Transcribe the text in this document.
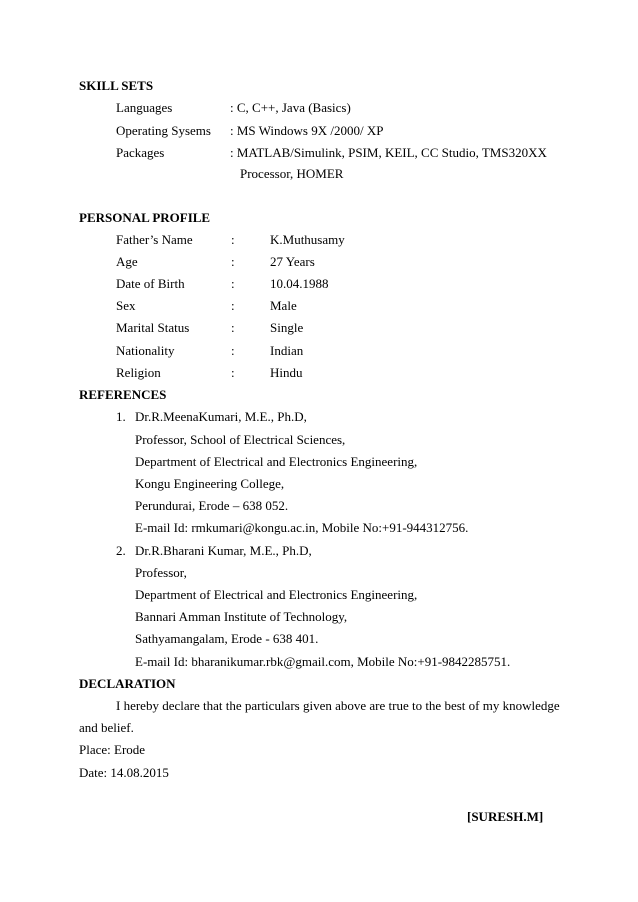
SKILL SETS
Languages	: C, C++, Java (Basics)
Operating Sysems : MS Windows 9X /2000/ XP
Packages	: MATLAB/Simulink, PSIM, KEIL, CC Studio, TMS320XX
Processor, HOMER
PERSONAL PROFILE
Father’s Name	:	K.Muthusamy
Age	:	27 Years
Date of Birth	:	10.04.1988
Sex	:	Male
Marital Status	:	Single
Nationality	:	Indian
Religion	:	Hindu
REFERENCES
1. Dr.R.MeenaKumari, M.E., Ph.D,
Professor, School of Electrical Sciences,
Department of Electrical and Electronics Engineering,
Kongu Engineering College,
Perundurai, Erode – 638 052.
E-mail Id: rmkumari@kongu.ac.in, Mobile No:+91-944312756.
2. Dr.R.Bharani Kumar, M.E., Ph.D,
Professor,
Department of Electrical and Electronics Engineering,
Bannari Amman Institute of Technology,
Sathyamangalam, Erode - 638 401.
E-mail Id: bharanikumar.rbk@gmail.com, Mobile No:+91-9842285751.
DECLARATION
I hereby declare that the particulars given above are true to the best of my knowledge
and belief.
Place: Erode
Date: 14.08.2015
[SURESH.M]
